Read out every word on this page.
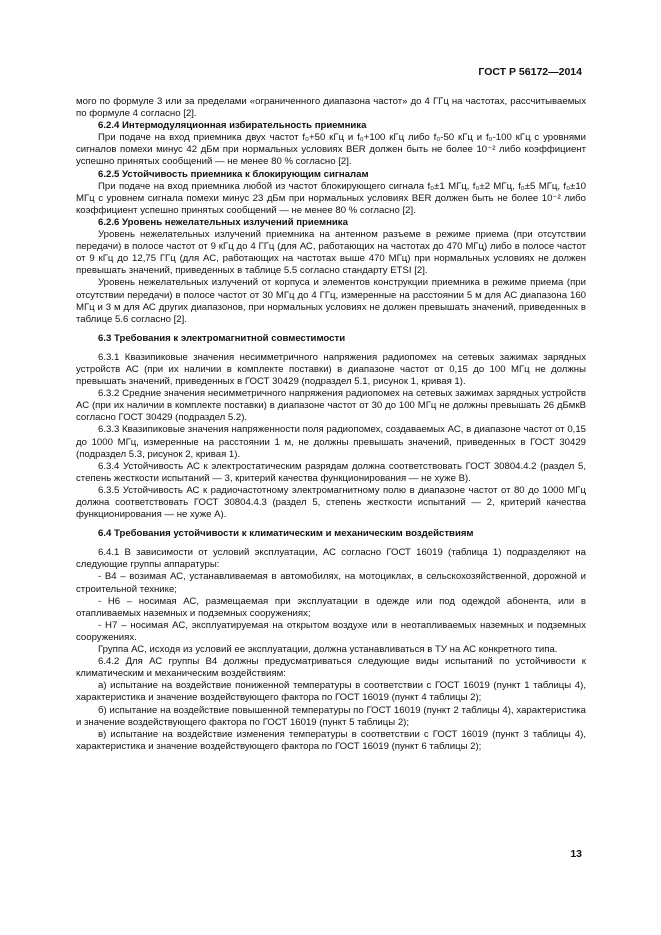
ГОСТ Р 56172—2014

мого по формуле 3 или за пределами «ограниченного диапазона частот» до 4 ГГц на частотах, рассчитываемых по формуле 4 согласно [2].

6.2.4 Интермодуляционная избирательность приемника

При подаче на вход приемника двух частот f₀+50 кГц и f₀+100 кГц либо f₀-50 кГц и f₀-100 кГц с уровнями сигналов помехи минус 42 дБм при нормальных условиях BER должен быть не более 10⁻² либо коэффициент успешно принятых сообщений — не менее 80 % согласно [2].

6.2.5 Устойчивость приемника к блокирующим сигналам

При подаче на вход приемника любой из частот блокирующего сигнала f₀±1 МГц, f₀±2 МГц, f₀±5 МГц, f₀±10 МГц с уровнем сигнала помехи минус 23 дБм при нормальных условиях BER должен быть не более 10⁻² либо коэффициент успешно принятых сообщений — не менее 80 % согласно [2].

6.2.6 Уровень нежелательных излучений приемника

Уровень нежелательных излучений приемника на антенном разъеме в режиме приема (при отсутствии передачи) в полосе частот от 9 кГц до 4 ГГц (для АС, работающих на частотах до 470 МГц) либо в полосе частот от 9 кГц до 12,75 ГГц (для АС, работающих на частотах выше 470 МГц) при нормальных условиях не должен превышать значений, приведенных в таблице 5.5 согласно стандарту ETSI [2].

Уровень нежелательных излучений от корпуса и элементов конструкции приемника в режиме приема (при отсутствии передачи) в полосе частот от 30 МГц до 4 ГГц, измеренные на расстоянии 5 м для АС диапазона 160 МГц и 3 м для АС других диапазонов, при нормальных условиях не должен превышать значений, приведенных в таблице 5.6 согласно [2].

6.3 Требования к электромагнитной совместимости

6.3.1 Квазипиковые значения несимметричного напряжения радиопомех на сетевых зажимах зарядных устройств АС (при их наличии в комплекте поставки) в диапазоне частот от 0,15 до 100 МГц не должны превышать значений, приведенных в ГОСТ 30429 (подраздел 5.1, рисунок 1, кривая 1).

6.3.2 Средние значения несимметричного напряжения радиопомех на сетевых зажимах зарядных устройств АС (при их наличии в комплекте поставки) в диапазоне частот от 30 до 100 МГц не должны превышать 26 дБмкВ согласно ГОСТ 30429 (подраздел 5.2).

6.3.3 Квазипиковые значения напряженности поля радиопомех, создаваемых АС, в диапазоне частот от 0,15 до 1000 МГц, измеренные на расстоянии 1 м, не должны превышать значений, приведенных в ГОСТ 30429 (подраздел 5.3, рисунок 2, кривая 1).

6.3.4 Устойчивость АС к электростатическим разрядам должна соответствовать ГОСТ 30804.4.2 (раздел 5, степень жесткости испытаний — 3, критерий качества функционирования — не хуже В).

6.3.5 Устойчивость АС к радиочастотному электромагнитному полю в диапазоне частот от 80 до 1000 МГц должна соответствовать ГОСТ 30804.4.3 (раздел 5, степень жесткости испытаний — 2, критерий качества функционирования — не хуже А).

6.4 Требования устойчивости к климатическим и механическим воздействиям

6.4.1 В зависимости от условий эксплуатации, АС согласно ГОСТ 16019 (таблица 1) подразделяют на следующие группы аппаратуры:

- В4 – возимая АС, устанавливаемая в автомобилях, на мотоциклах, в сельскохозяйственной, дорожной и строительной технике;

- Н6 – носимая АС, размещаемая при эксплуатации в одежде или под одеждой абонента, или в отапливаемых наземных и подземных сооружениях;

- Н7 – носимая АС, эксплуатируемая на открытом воздухе или в неотапливаемых наземных и подземных сооружениях.

Группа АС, исходя из условий ее эксплуатации, должна устанавливаться в ТУ на АС конкретного типа.

6.4.2 Для АС группы В4 должны предусматриваться следующие виды испытаний по устойчивости к климатическим и механическим воздействиям:

а) испытание на воздействие пониженной температуры в соответствии с ГОСТ 16019 (пункт 1 таблицы 4), характеристика и значение воздействующего фактора по ГОСТ 16019 (пункт 4 таблицы 2);

б) испытание на воздействие повышенной температуры по ГОСТ 16019 (пункт 2 таблицы 4), характеристика и значение воздействующего фактора по ГОСТ 16019 (пункт 5 таблицы 2);

в) испытание на воздействие изменения температуры в соответствии с ГОСТ 16019 (пункт 3 таблицы 4), характеристика и значение воздействующего фактора по ГОСТ 16019 (пункт 6 таблицы 2);

13
